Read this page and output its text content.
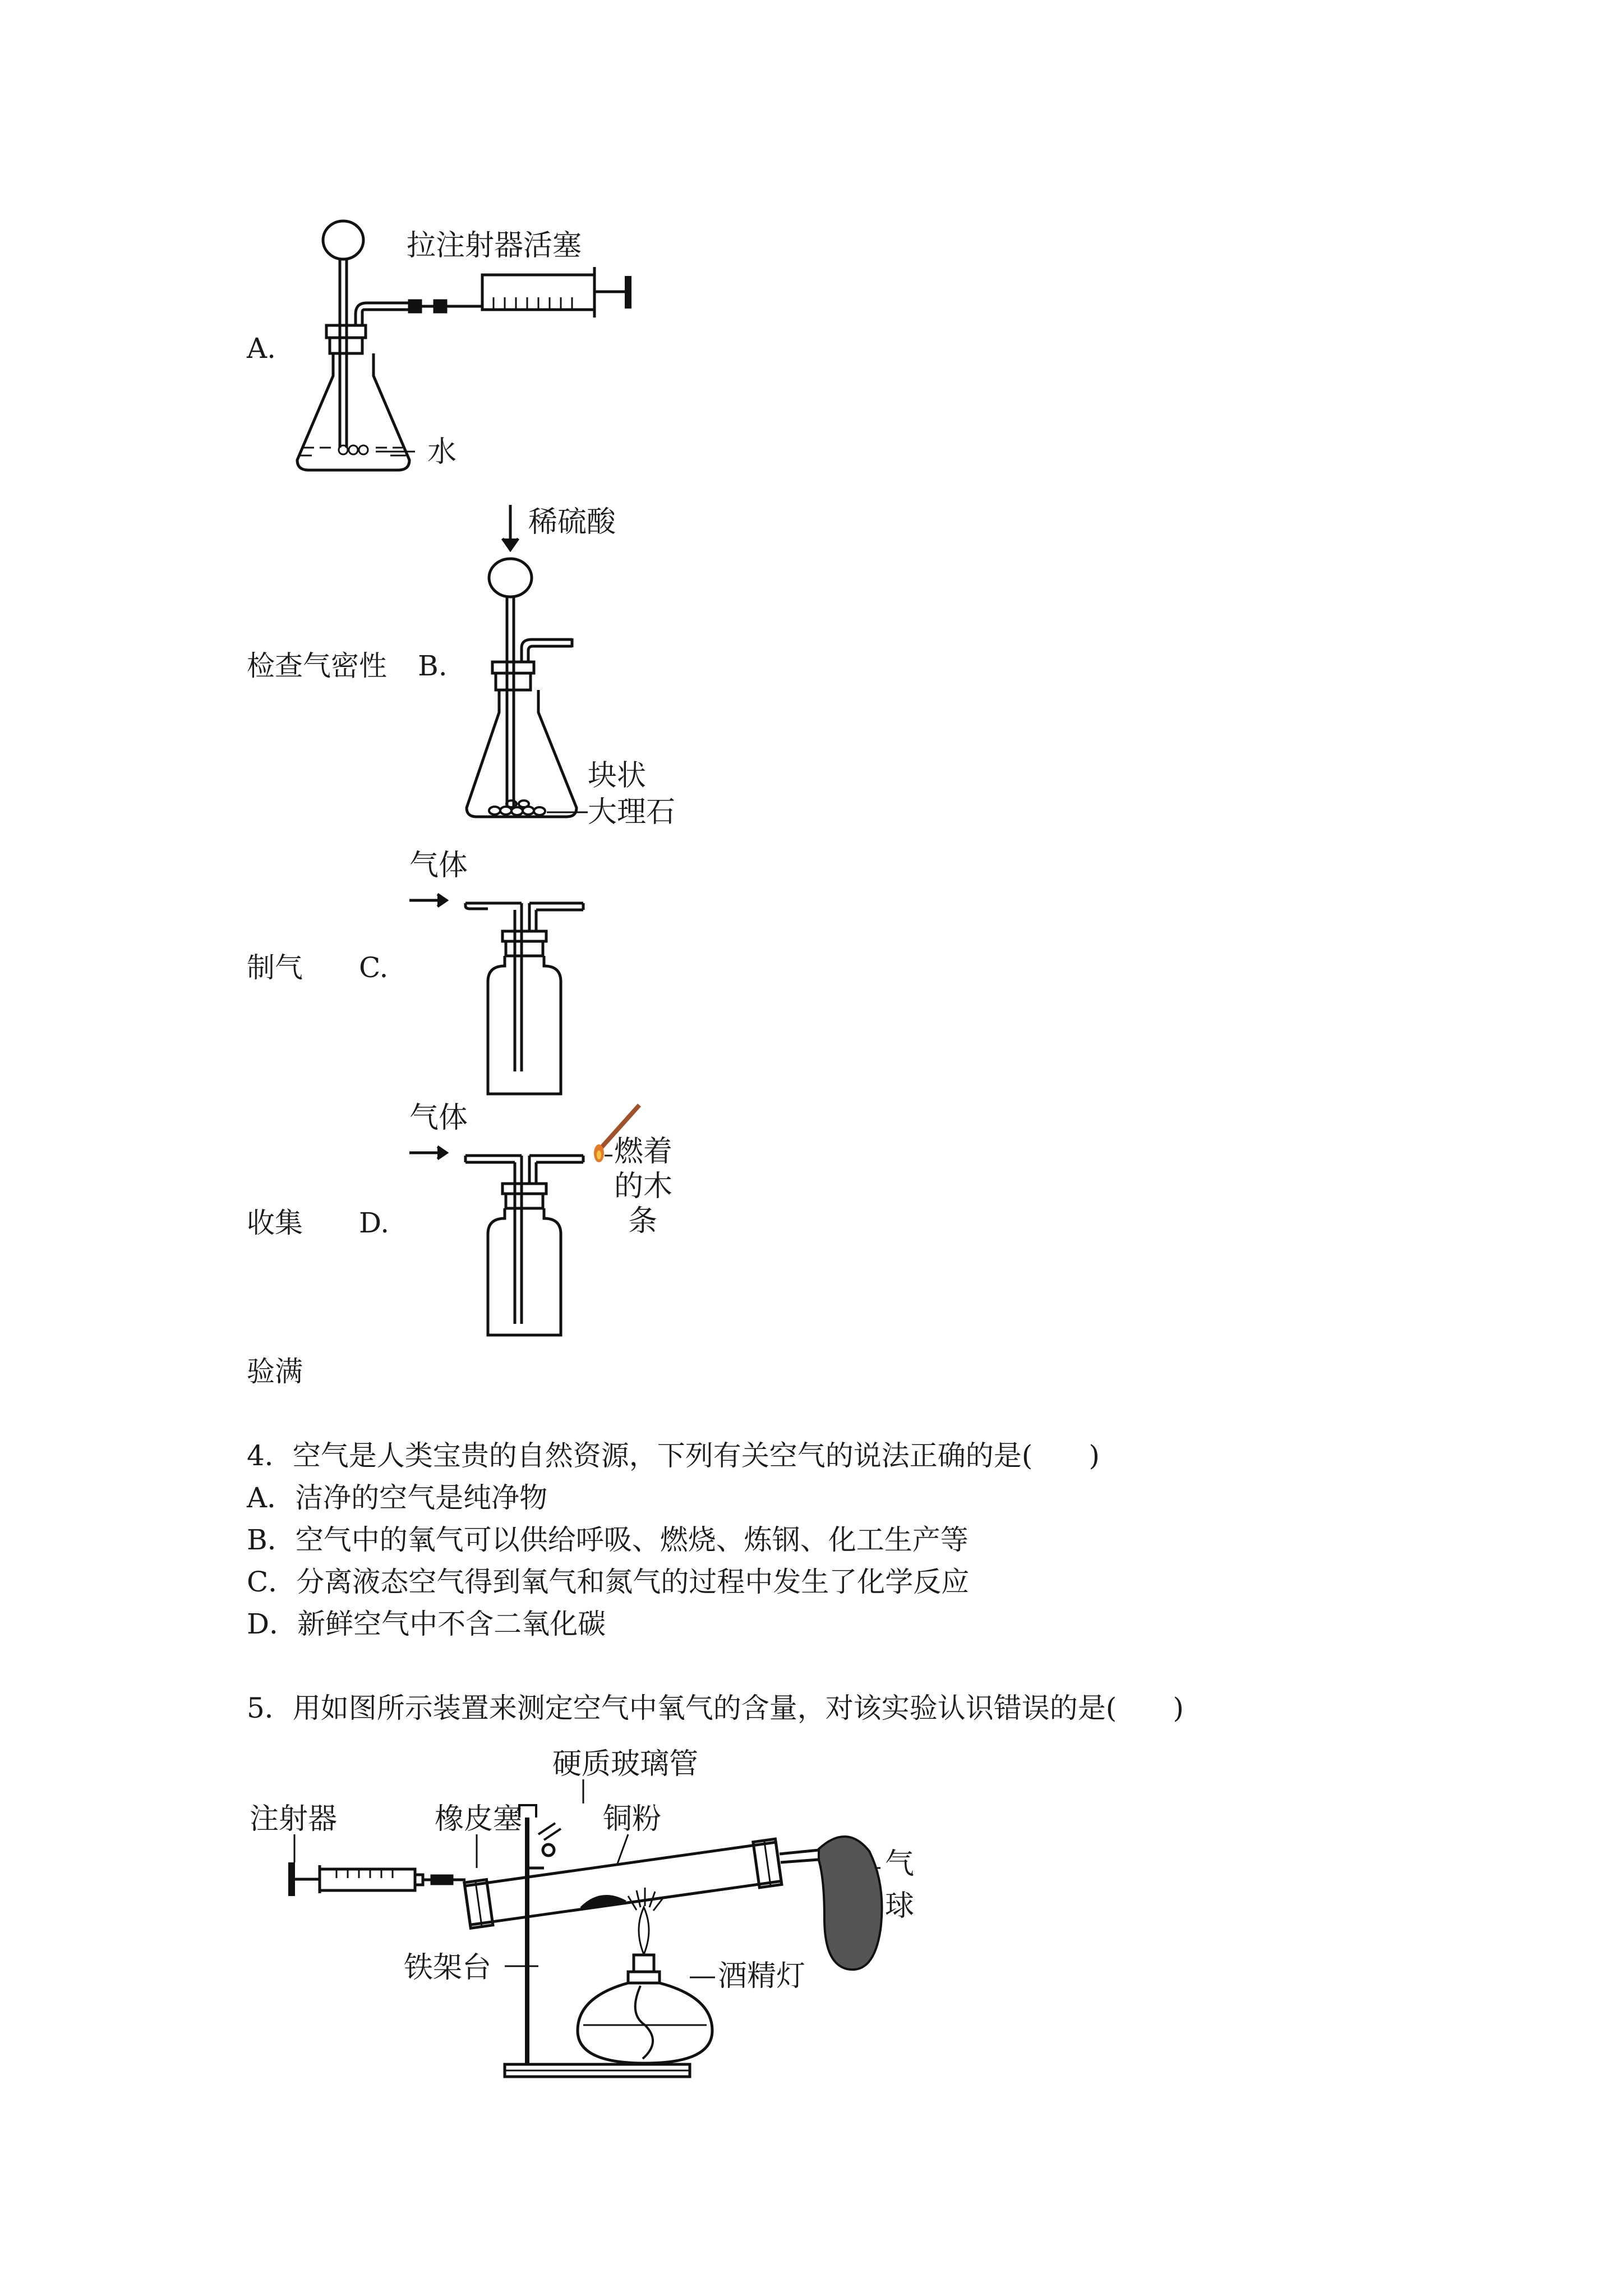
A.
拉注射器活塞
水
检查气密性 B.
稀硫酸
块状
大理石
制气 C.
气体
收集 D.
气体
燃着
的木
条
验满
4．空气是人类宝贵的自然资源，下列有关空气的说法正确的是(　　)
A．洁净的空气是纯净物
B．空气中的氧气可以供给呼吸、燃烧、炼钢、化工生产等
C．分离液态空气得到氧气和氮气的过程中发生了化学反应
D．新鲜空气中不含二氧化碳
5．用如图所示装置来测定空气中氧气的含量，对该实验认识错误的是(　　)
注射器	橡皮塞
硬质玻璃管
铜粉
气
球
铁架台	酒精灯
